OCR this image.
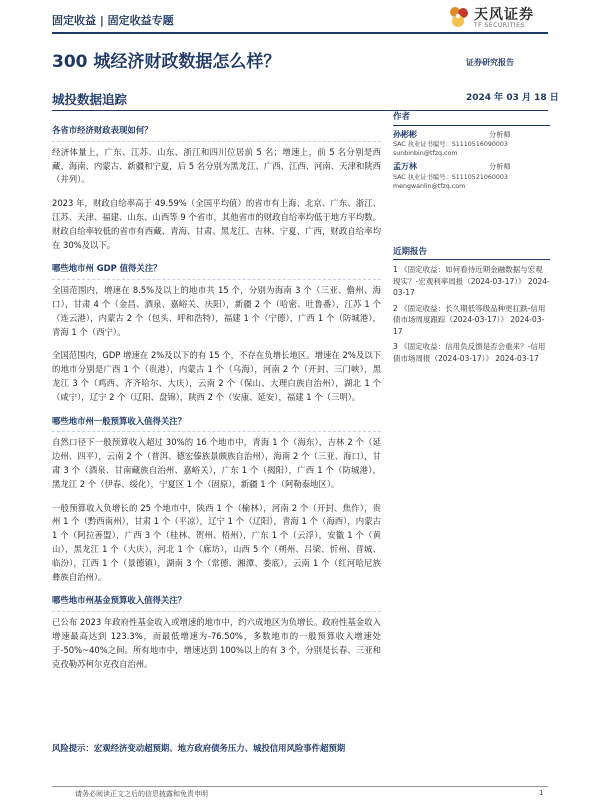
固定收益 | 固定收益专题	天风证券
TF SECURITIES
300 城经济财政数据怎么样？	证券研究报告
城投数据追踪	2024 年 03 月 18 日
各省市经济财政表现如何？

经济体量上，广东、江苏、山东、浙江和四川位居前 5 名；增速上，前 5 名分别是西藏、海南、内蒙古、新疆和宁夏，后 5 名分别为黑龙江、广西、江西、河南、天津和陕西（并列）。

2023 年，财政自给率高于 49.59%（全国平均值）的省市有上海、北京、广东、浙江、江苏、天津、福建、山东、山西等 9 个省市，其他省市的财政自给率均低于地方平均数。财政自给率较低的省市有西藏、青海、甘肃、黑龙江、吉林、宁夏、广西，财政自给率均在 30%及以下。

哪些地市州 GDP 值得关注？

全国范围内，增速在 8.5%及以上的地市共 15 个，分别为海南 3 个（三亚、儋州、海口），甘肃 4 个（金昌、酒泉、嘉峪关、庆阳），新疆 2 个（哈密、吐鲁番），江苏 1 个（连云港），内蒙古 2 个（包头、呼和浩特），福建 1 个（宁德），广西 1 个（防城港），青海 1 个（西宁）。

全国范围内，GDP 增速在 2%及以下的有 15 个，不存在负增长地区。增速在 2%及以下的地市分别是广西 1 个（贵港），内蒙古 1 个（乌海），河南 2 个（开封、三门峡），黑龙江 3 个（鸡西、齐齐哈尔、大庆），云南 2 个（保山、大理白族自治州），湖北 1 个（咸宁），辽宁 2 个（辽阳、盘锦），陕西 2 个（安康、延安），福建 1 个（三明）。

哪些地市州一般预算收入值得关注？

自然口径下一般预算收入超过 30%的 16 个地市中，青海 1 个（海东），吉林 2 个（延边州、四平），云南 2 个（普洱、德宏傣族景颇族自治州），海南 2 个（三亚、海口），甘肃 3 个（酒泉、甘南藏族自治州、嘉峪关），广东 1 个（揭阳），广西 1 个（防城港），黑龙江 2 个（伊春、绥化），宁夏区 1 个（固原），新疆 1 个（阿勒泰地区）。

一般预算收入负增长的 25 个地市中，陕西 1 个（榆林），河南 2 个（开封、焦作），贵州 1 个（黔西南州），甘肃 1 个（平凉），辽宁 1 个（辽阳），青海 1 个（海西），内蒙古 1 个（阿拉善盟），广西 3 个（桂林、贺州、梧州），广东 1 个（云浮），安徽 1 个（黄山），黑龙江 1 个（大庆），河北 1 个（廊坊），山西 5 个（朔州、吕梁、忻州、晋城、临汾），江西 1 个（景德镇），湖南 3 个（常德、湘潭、娄底），云南 1 个（红河哈尼族彝族自治州）。

哪些地市州基金预算收入值得关注？

已公布 2023 年政府性基金收入或增速的地市中，约六成地区为负增长。政府性基金收入增速最高达到 123.3%，而最低增速为-76.50%，多数地市的一般预算收入增速处于-50%~40%之间。所有地市中，增速达到 100%以上的有 3 个，分别是长春、三亚和克孜勒苏柯尔克孜自治州。

风险提示：宏观经济变动超预期、地方政府债务压力、城投信用风险事件超预期
作者
孙彬彬	分析师
SAC 执业证书编号：S1110516090003
sunbinbin@tfzq.com
孟万林	分析师
SAC 执业证书编号：S1110521060003
mengwanlin@tfzq.com
近期报告

1 《固定收益：如何看待近期金融数据与宏观现实？-宏观利率周报（2024-03-17）》 2024-03-17

2 《固定收益：长久期低等级品种更扛跌-信用债市场周度跟踪（2024-03-17）》 2024-03-17

3 《固定收益：信用负反馈是否会重来？-信用债市场周报（2024-03-17）》 2024-03-17

请务必阅读正文之后的信息披露和免责申明	1
